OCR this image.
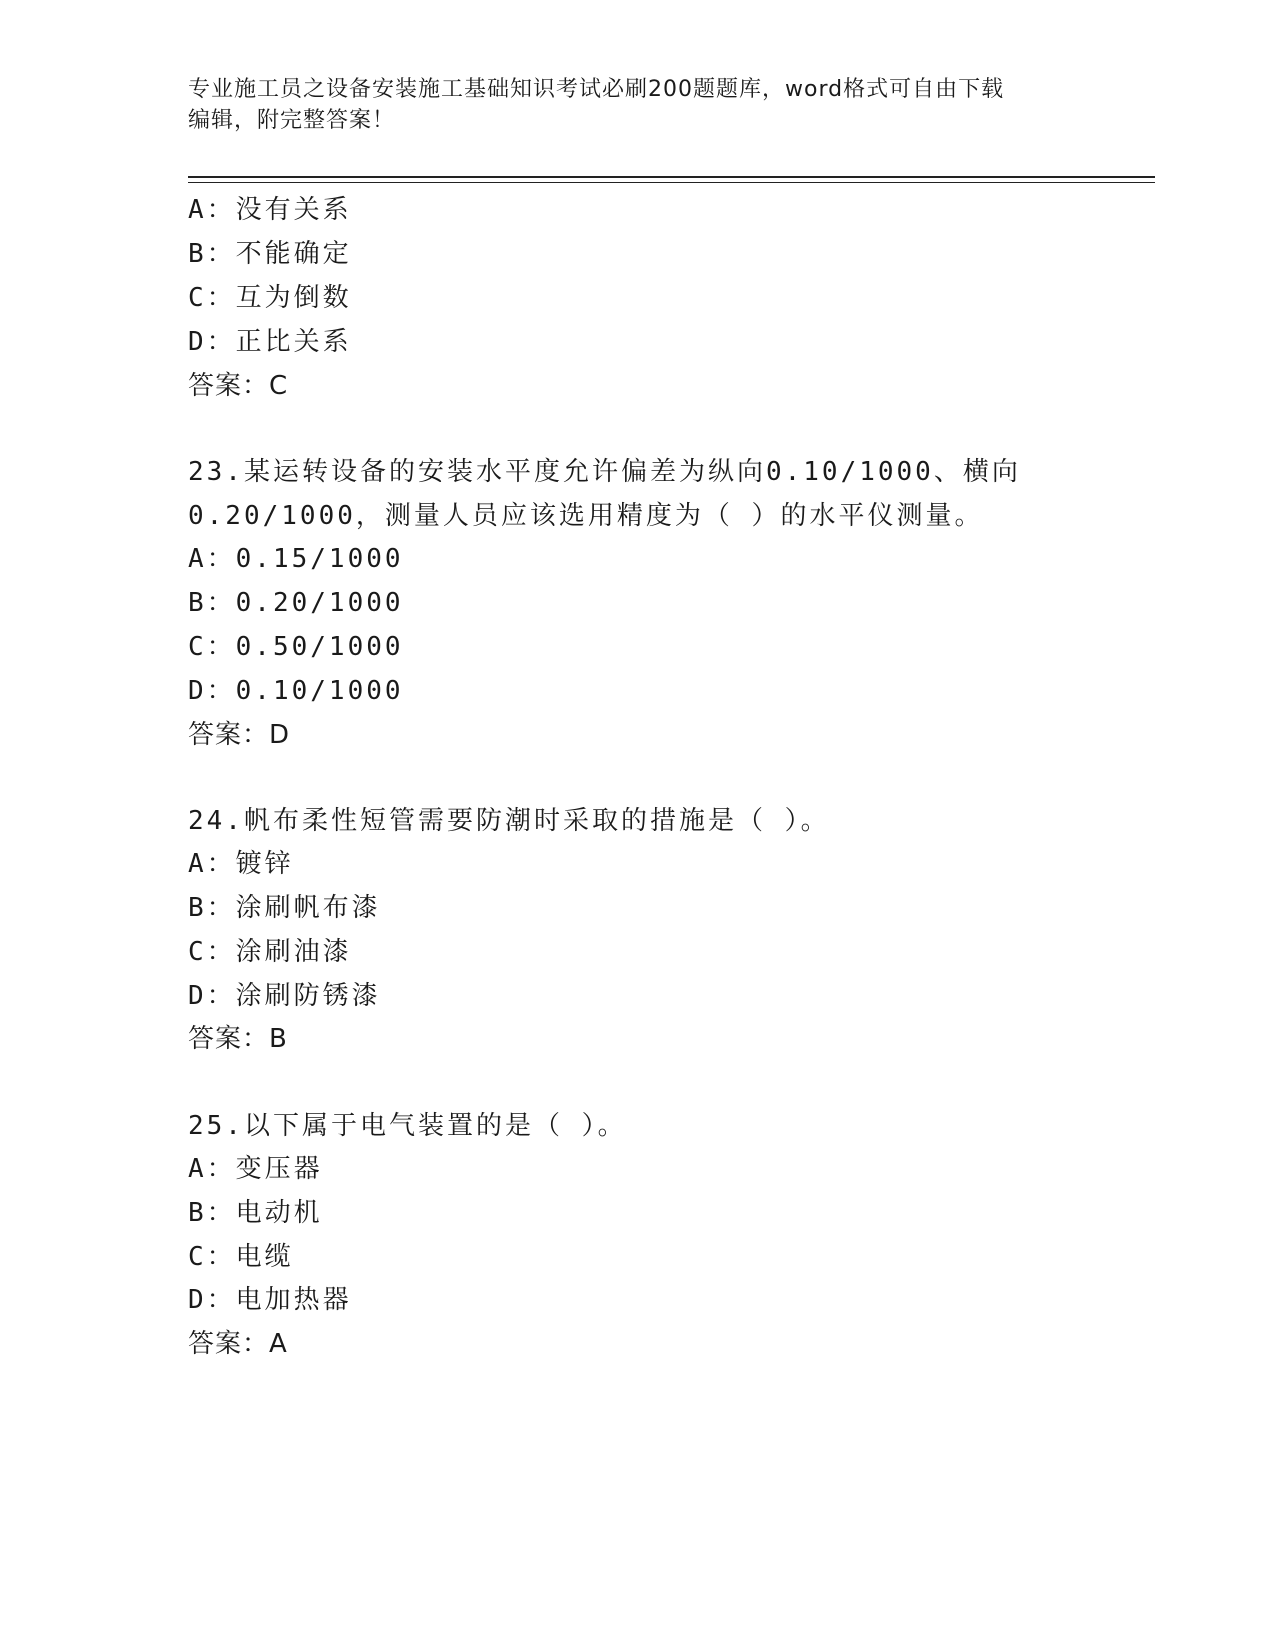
专业施工员之设备安装施工基础知识考试必刷200题题库，word格式可自由下载
编辑，附完整答案！
A：没有关系
B：不能确定
C：互为倒数
D：正比关系
答案：C
23.某运转设备的安装水平度允许偏差为纵向0.10/1000、横向
0.20/1000，测量人员应该选用精度为（ ）的水平仪测量。
A：0.15/1000
B：0.20/1000
C：0.50/1000
D：0.10/1000
答案：D
24.帆布柔性短管需要防潮时采取的措施是（ ）。
A：镀锌
B：涂刷帆布漆
C：涂刷油漆
D：涂刷防锈漆
答案：B
25.以下属于电气装置的是（ ）。
A：变压器
B：电动机
C：电缆
D：电加热器
答案：A
